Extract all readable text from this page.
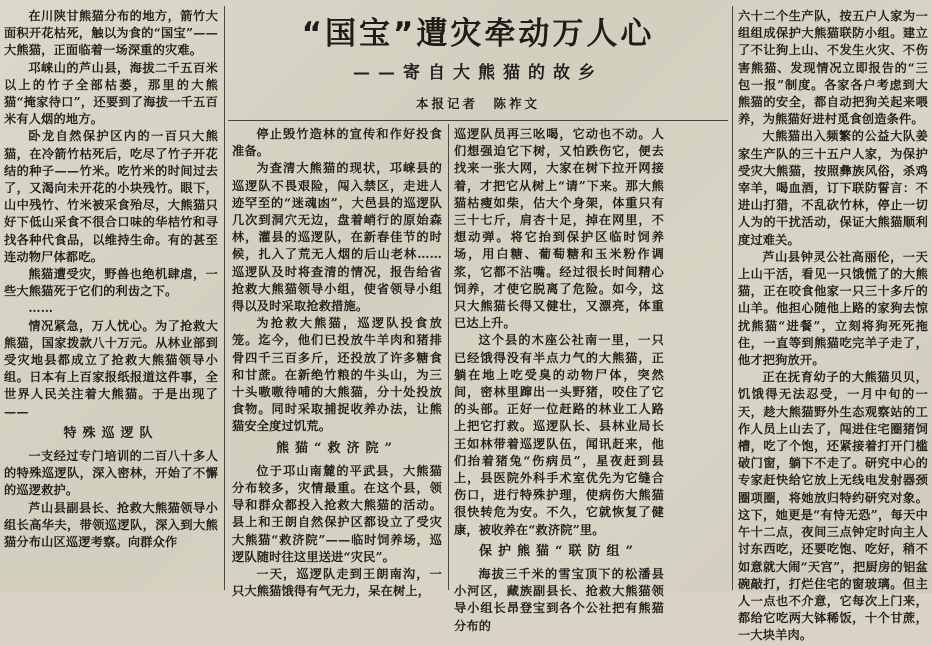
在川陕甘熊猫分布的地方，箭竹大面积开花枯死，触以为食的“国宝”——大熊猫，正面临着一场深重的灾难。

邛崃山的芦山县，海拔二千五百米以上的竹子全部枯萎，那里的大熊猫“掩家待口”，还要到了海拔一千五百米有人烟的地方。

卧龙自然保护区内的一百只大熊猫，在冷箭竹枯死后，吃尽了竹子开花结的种子——竹米。吃竹米的时间过去了，又渴向未开花的小块残竹。眼下，山中残竹、竹米被采食殆尽，大熊猫只好下低山采食不很合口味的华桔竹和寻找各种代食品，以维持生命。有的甚至连动物尸体都吃。

熊猫遭受灾，野兽也绝机肆虐，一些大熊猫死于它们的利齿之下。

……

情况紧急，万人忧心。为了抢救大熊猫，国家拨款八十万元。从林业部到受灾地县都成立了抢救大熊猫领导小组。日本有上百家报纸报道这件事，全世界人民关注着大熊猫。于是出现了——

特殊巡逻队

一支经过专门培训的二百八十多人的特殊巡逻队，深入密林，开始了不懈的巡逻救护。

芦山县副县长、抢救大熊猫领导小组长高华夫，带领巡逻队，深入到大熊猫分布山区巡逻考察。向群众作

“国宝”遭灾牵动万人心
——寄自大熊猫的故乡
本报记者　陈祚文

停止毁竹造林的宣传和作好投食准备。

为查清大熊猫的现状，邛崃县的巡逻队不畏艰险，闯入禁区，走进人迹罕至的“迷魂凼”，大邑县的巡逻队几次到洞穴无边，盘着峭行的原始森林，灌县的巡逻队，在新春佳节的时候，扎入了荒无人烟的后山老林……巡逻队及时将查清的情况，报告给省抢救大熊猫领导小组，使省领导小组得以及时采取抢救措施。

为抢救大熊猫，巡逻队投食放笼。迄今，他们已投放牛羊肉和猪排骨四千三百多斤，还投放了许多糖食和甘蔗。在新绝竹粮的牛头山，为三十头嗷嗷待哺的大熊猫，分十处投放食物。同时采取捕捉收养办法，让熊猫安全度过饥荒。

熊猫“救济院”

位于邛山南麓的平武县，大熊猫分布较多，灾情最重。在这个县，领导和群众都投入抢救大熊猫的活动。县上和王朗自然保护区都设立了受灾大熊猫“救济院”——临时饲养场，巡逻队随时往这里送进“灾民”。

一天，巡逻队走到王朗南沟，一只大熊猫饿得有气无力，呆在树上，

巡逻队员再三吆喝，它动也不动。人们想强迫它下树，又怕跌伤它，便去找来一张大网，大家在树下拉开网接着，才把它从树上“请”下来。那大熊猫枯瘦如柴，估大个身架，体重只有三十七斤，肩杏十足，掉在网里，不想动弹。将它抬到保护区临时饲养场，用白糖、葡萄糖和玉米粉作调浆，它都不沾嘴。经过很长时间精心饲养，才使它脱离了危险。如今，这只大熊猫长得又健壮，又漂亮，体重已达上升。

这个县的木座公社南一里，一只已经饿得没有半点力气的大熊猫，正躺在地上吃受臭的动物尸体，突然间，密林里蹿出一头野猪，咬住了它的头部。正好一位赶路的林业工人路上把它打救。巡逻队长、县林业局长王如林带着巡逻队伍，闻讯赶来，他们抬着猪兔“伤病员”，星夜赶到县上，县医院外科手术室优先为它缝合伤口，进行特殊护理，使病伤大熊猫很快转危为安。不久，它就恢复了健康，被收养在“救济院”里。

保护熊猫“联防组”

海拔三千米的雪宝顶下的松潘县小河区，藏族副县长、抢救大熊猫领导小组长昂登宝到各个公社把有熊猫分布的

六十二个生产队，按五户人家为一组组成保护大熊猫联防小组。建立了不让狗上山、不发生火灾、不伤害熊猫、发现情况立即报告的“三包一报”制度。各家各户考虑到大熊猫的安全，都自动把狗关起来喂养，为熊猫好进村觅食创造条件。

大熊猫出入频繁的公益大队姜家生产队的三十五户人家，为保护受灾大熊猫，按照彝族风俗，杀鸡宰羊，喝血酒，订下联防誓言：不进山打猎，不乱砍竹林，停止一切人为的干扰活动，保证大熊猫顺利度过难关。

芦山县钟灵公社高丽伦，一天上山干活，看见一只饿慌了的大熊猫，正在咬食他家一只三十多斤的山羊。他担心随他上路的家狗去惊扰熊猫“进餐”，立刻将狗死死拖住，一直等到熊猫吃完羊子走了，他才把狗放开。

正在抚育幼子的大熊猫贝贝，饥饿得无法忍受，一月中旬的一天，趁大熊猫野外生态观察站的工作人员上山去了，闯进住宅圈猪饲槽，吃了个饱，还紧接着打开门槛破门窗，躺下不走了。研究中心的专家赶快给它放上无线电发射器颈圈项圈，将她放归特约研究对象。这下，她更是“有恃无恐”，每天中午十二点，夜间三点钟定时向主人讨东西吃，还要吃饱、吃好，稍不如意就大闹“天宫”，把厨房的铝盆碗敲打，打烂住宅的窗玻璃。但主人一点也不介意，它每次上门来，都给它吃两大钵稀饭，十个甘蔗，一大块羊肉。
